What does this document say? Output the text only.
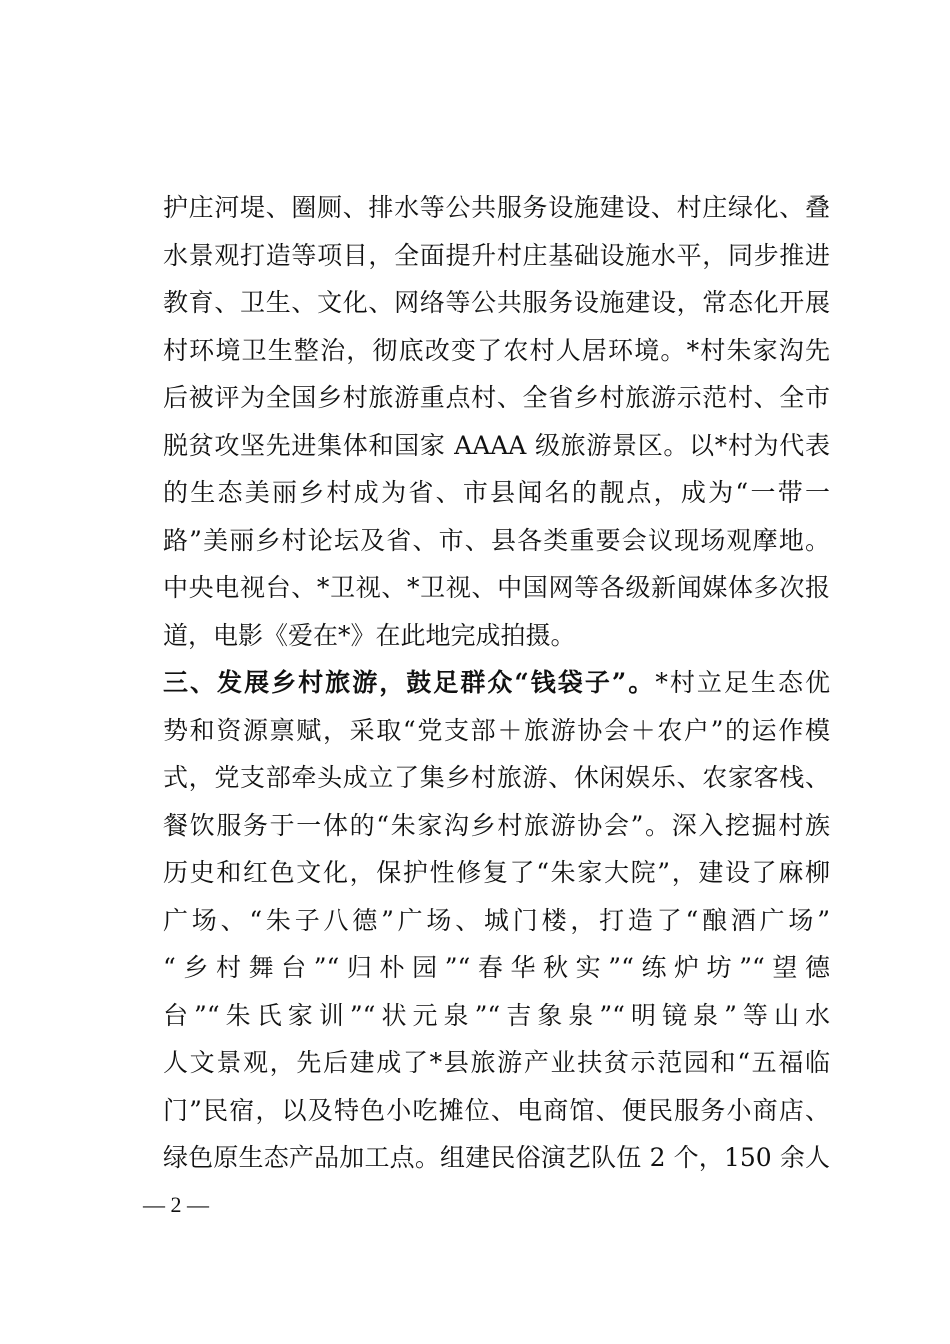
护庄河堤、圈厕、排水等公共服务设施建设、村庄绿化、叠
水景观打造等项目，全面提升村庄基础设施水平，同步推进
教育、卫生、文化、网络等公共服务设施建设，常态化开展
村环境卫生整治，彻底改变了农村人居环境。*村朱家沟先
后被评为全国乡村旅游重点村、全省乡村旅游示范村、全市
脱贫攻坚先进集体和国家 AAAA 级旅游景区。以*村为代表
的生态美丽乡村成为省、市县闻名的靓点，成为“一带一
路”美丽乡村论坛及省、市、县各类重要会议现场观摩地。
中央电视台、*卫视、*卫视、中国网等各级新闻媒体多次报
道，电影《爱在*》在此地完成拍摄。
三、发展乡村旅游，鼓足群众“钱袋子”。*村立足生态优
势和资源禀赋，采取“党支部＋旅游协会＋农户”的运作模
式，党支部牵头成立了集乡村旅游、休闲娱乐、农家客栈、
餐饮服务于一体的“朱家沟乡村旅游协会”。深入挖掘村族
历史和红色文化，保护性修复了“朱家大院”，建设了麻柳
广场、“朱子八德”广场、城门楼，打造了“酿酒广场”
“乡村舞台”“归朴园”“春华秋实”“练炉坊”“望德
台”“朱氏家训”“状元泉”“吉象泉”“明镜泉”等山水
人文景观，先后建成了*县旅游产业扶贫示范园和“五福临
门”民宿，以及特色小吃摊位、电商馆、便民服务小商店、
绿色原生态产品加工点。组建民俗演艺队伍 2 个，150 余人
— 2 —
